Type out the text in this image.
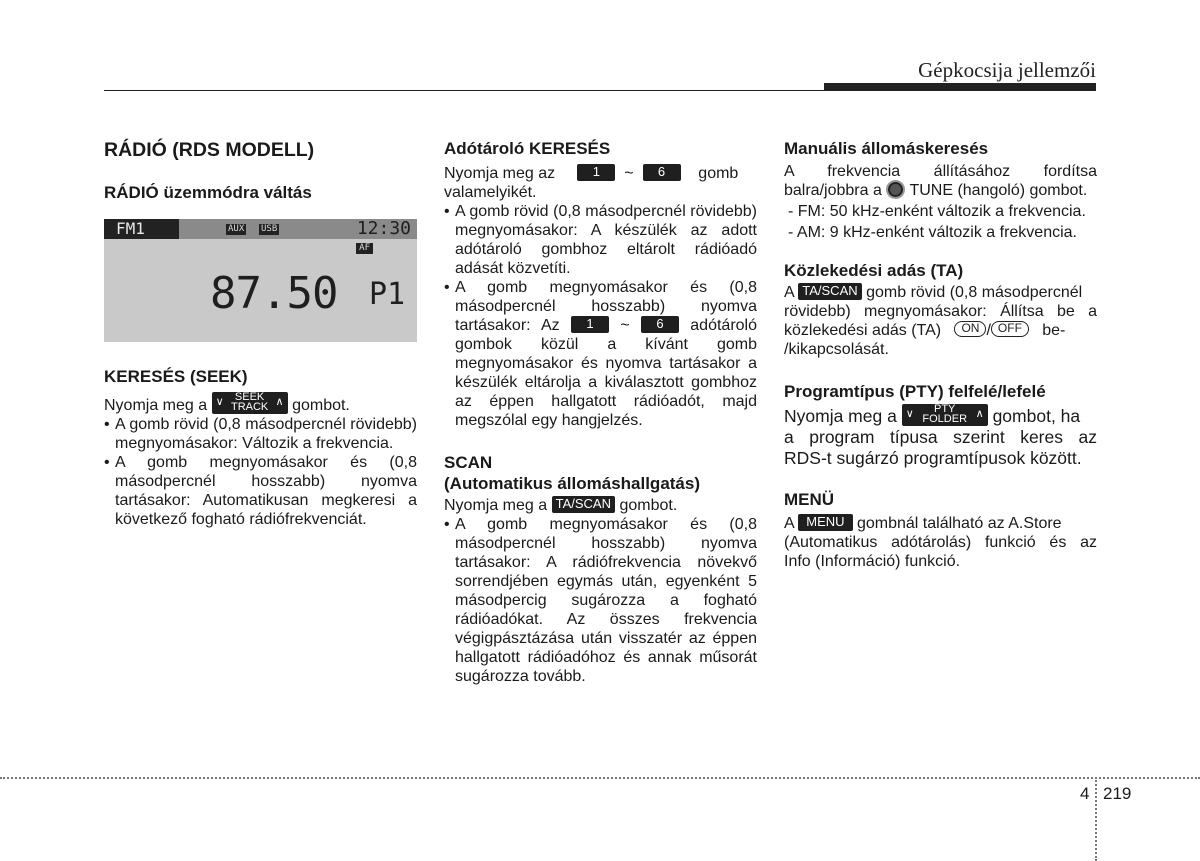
Gépkocsija jellemzői
RÁDIÓ (RDS MODELL)
RÁDIÓ üzemmódra váltás
FM1	AUX USB	12:30
AF
87.50 P1
KERESÉS (SEEK)

Nyomja meg a ∨	SEEK
TRACK ∧ gombot.

• A gomb rövid (0,8 másodpercnél rövidebb) megnyomásakor: Változik a frekvencia.
• A gomb megnyomásakor és (0,8 másodpercnél hosszabb) nyomva tartásakor: Automatikusan megkeresi a következő fogható rádiófrekvenciát.
Adótároló KERESÉS

Nyomja meg az	1 ~ 6 gomb

valamelyikét.

• A gomb rövid (0,8 másodpercnél rövidebb) megnyomásakor: A készülék az adott adótároló gombhoz eltárolt rádióadó adását közvetíti.
• A gomb megnyomásakor és (0,8 másodpercnél hosszabb) nyomva tartásakor: Az 1 ~ 6 adótároló gombok közül a kívánt gomb megnyomásakor és nyomva tartásakor a készülék eltárolja a kiválasztott gombhoz az éppen hallgatott rádióadót, majd megszólal egy hangjelzés.
SCAN
(Automatikus állomáshallgatás)

Nyomja meg a TA/SCAN gombot.

• A gomb megnyomásakor és (0,8 másodpercnél hosszabb) nyomva tartásakor: A rádiófrekvencia növekvő sorrendjében egymás után, egyenként 5 másodpercig sugározza a fogható rádióadókat. Az összes frekvencia végigpásztázása után visszatér az éppen hallgatott rádióadóhoz és annak műsorát sugározza tovább.
Manuális állomáskeresés

A frekvencia állításához fordítsa

balra/jobbra a TUNE (hangoló) gombot.

- FM: 50 kHz-enként változik a frekvencia.

- AM: 9 kHz-enként változik a frekvencia.

Közlekedési adás (TA)

A TA/SCAN gomb rövid (0,8 másodpercnél

rövidebb) megnyomásakor: Állítsa be a

közlekedési adás (TA) ON / OFF be-

/kikapcsolását.

Programtípus (PTY) felfelé/lefelé

Nyomja meg a ∨	PTY
FOLDER ∧ gombot, ha

a program típusa szerint keres az

RDS-t sugárzó programtípusok között.

MENÜ

A MENU gombnál található az A.Store

(Automatikus adótárolás) funkció és az

Info (Információ) funkció.

4 219
